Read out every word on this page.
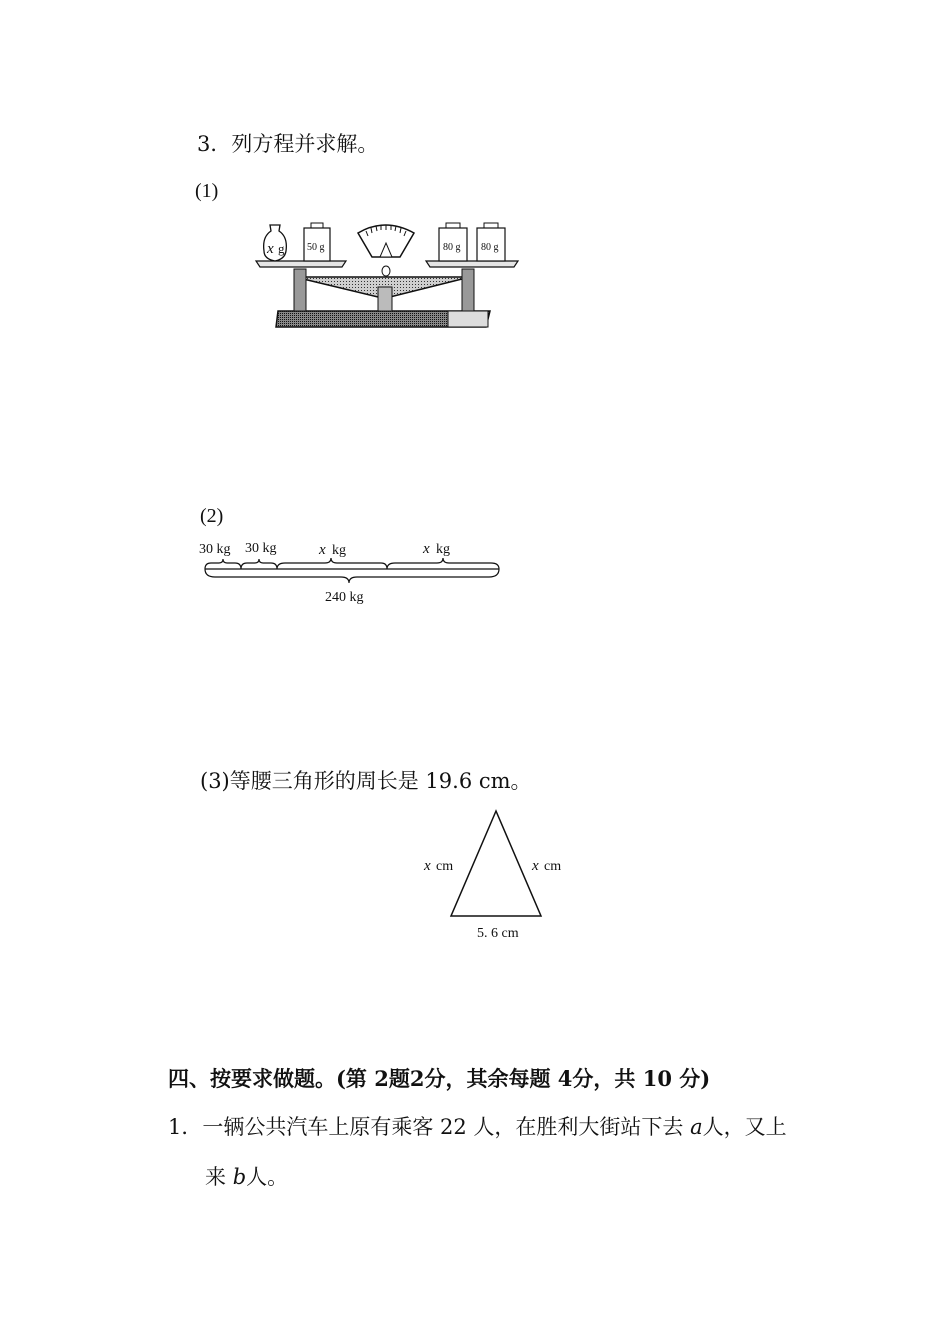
3．列方程并求解。
(1)
x g 50 g	80 g 80 g
(2)
30 kg 30 kg	x kg	x kg
240 kg
(3)等腰三角形的周长是 19.6 cm。
x cm	x cm
5. 6 cm
四、按要求做题。(第 2题2分，其余每题 4分，共 10 分)
1．一辆公共汽车上原有乘客 22 人，在胜利大街站下去 a人，又上
来 b人。
